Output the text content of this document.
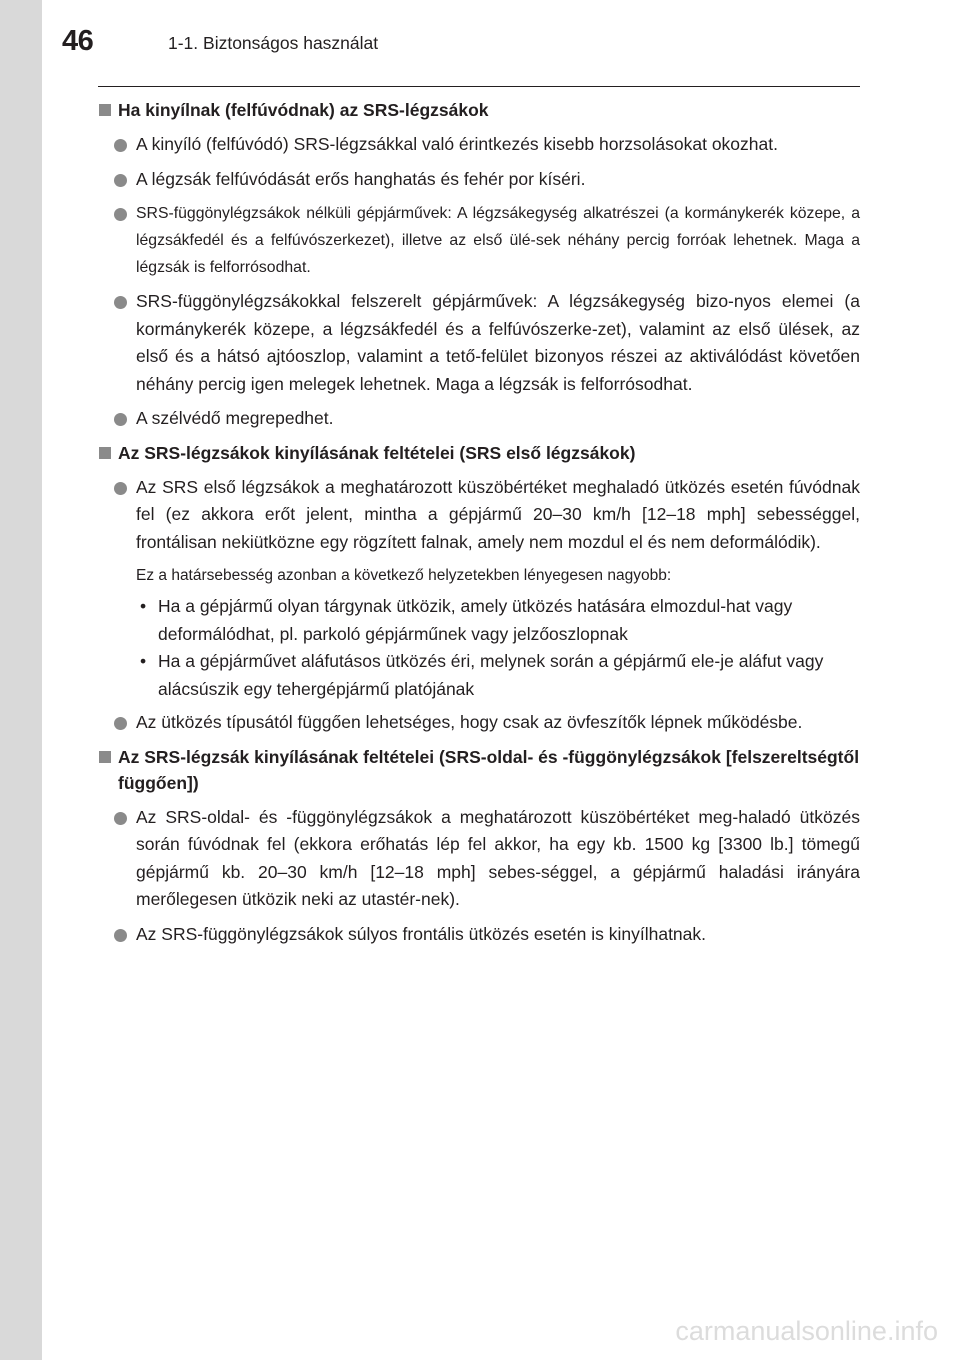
46	1-1. Biztonságos használat
Ha kinyílnak (felfúvódnak) az SRS-légzsákok
A kinyíló (felfúvódó) SRS-légzsákkal való érintkezés kisebb horzsolásokat okozhat.
A légzsák felfúvódását erős hanghatás és fehér por kíséri.
SRS-függönylégzsákok nélküli gépjárművek: A légzsákegység alkatrészei (a kormánykerék közepe, a légzsákfedél és a felfúvószerkezet), illetve az első ülé-sek néhány percig forróak lehetnek. Maga a légzsák is felforrósodhat.
SRS-függönylégzsákokkal felszerelt gépjárművek: A légzsákegység bizo-nyos elemei (a kormánykerék közepe, a légzsákfedél és a felfúvószerke-zet), valamint az első ülések, az első és a hátsó ajtóoszlop, valamint a tető-felület bizonyos részei az aktiválódást követően néhány percig igen melegek lehetnek. Maga a légzsák is felforrósodhat.
A szélvédő megrepedhet.
Az SRS-légzsákok kinyílásának feltételei (SRS első légzsákok)
Az SRS első légzsákok a meghatározott küszöbértéket meghaladó ütközés esetén fúvódnak fel (ez akkora erőt jelent, mintha a gépjármű 20–30 km/h [12–18 mph] sebességgel, frontálisan nekiütközne egy rögzített falnak, amely nem mozdul el és nem deformálódik).
Ez a határsebesség azonban a következő helyzetekben lényegesen nagyobb:
• Ha a gépjármű olyan tárgynak ütközik, amely ütközés hatására elmozdul-hat vagy deformálódhat, pl. parkoló gépjárműnek vagy jelzőoszlopnak
• Ha a gépjárművet aláfutásos ütközés éri, melynek során a gépjármű ele-je aláfut vagy alácsúszik egy tehergépjármű platójának
Az ütközés típusától függően lehetséges, hogy csak az övfeszítők lépnek működésbe.
Az SRS-légzsák kinyílásának feltételei (SRS-oldal- és -függönylégzsákok [felszereltségtől függően])
Az SRS-oldal- és -függönylégzsákok a meghatározott küszöbértéket meg-haladó ütközés során fúvódnak fel (ekkora erőhatás lép fel akkor, ha egy kb. 1500 kg [3300 lb.] tömegű gépjármű kb. 20–30 km/h [12–18 mph] sebes-séggel, a gépjármű haladási irányára merőlegesen ütközik neki az utastér-nek).
Az SRS-függönylégzsákok súlyos frontális ütközés esetén is kinyílhatnak.
carmanualsonline.info
